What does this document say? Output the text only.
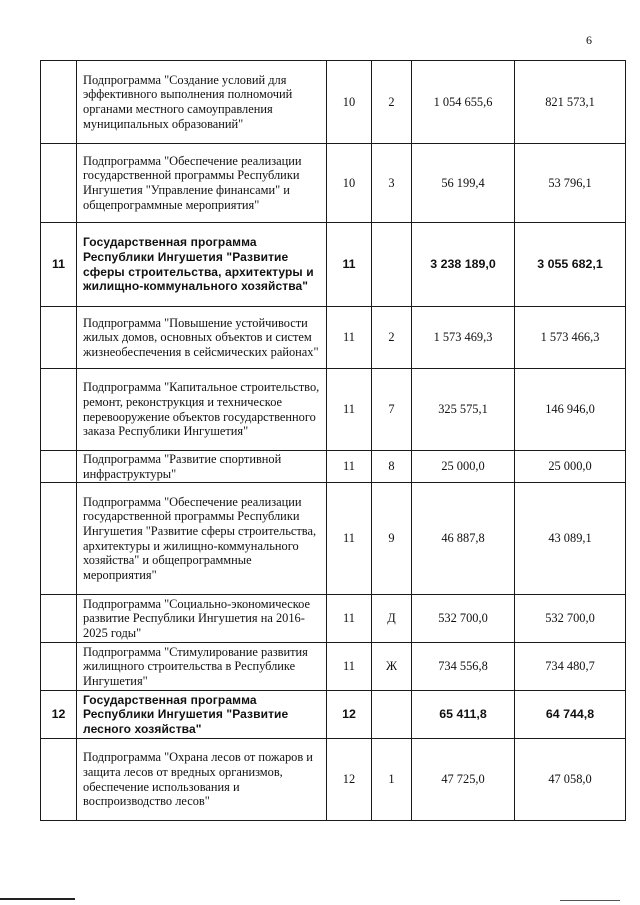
6
	Подпрограмма "Создание условий для эффективного выполнения полномочий органами местного самоуправления муниципальных образований"	10	2	1 054 655,6	821 573,1
	Подпрограмма "Обеспечение реализации государственной программы Республики Ингушетия "Управление финансами" и общепрограммные мероприятия"	10	3	56 199,4	53 796,1
11	Государственная программа Республики Ингушетия "Развитие сферы строительства, архитектуры и жилищно-коммунального хозяйства"	11		3 238 189,0	3 055 682,1
	Подпрограмма "Повышение устойчивости жилых домов, основных объектов и систем жизнеобеспечения в сейсмических районах"	11	2	1 573 469,3	1 573 466,3
	Подпрограмма "Капитальное строительство, ремонт, реконструкция и техническое перевооружение объектов государственного заказа Республики Ингушетия"	11	7	325 575,1	146 946,0
	Подпрограмма "Развитие спортивной инфраструктуры"	11	8	25 000,0	25 000,0
	Подпрограмма "Обеспечение реализации государственной программы Республики Ингушетия "Развитие сферы строительства, архитектуры и жилищно-коммунального хозяйства" и общепрограммные мероприятия"	11	9	46 887,8	43 089,1
	Подпрограмма "Социально-экономическое развитие Республики Ингушетия на 2016-2025 годы"	11	Д	532 700,0	532 700,0
	Подпрограмма "Стимулирование развития жилищного строительства в Республике Ингушетия"	11	Ж	734 556,8	734 480,7
12	Государственная программа Республики Ингушетия "Развитие лесного хозяйства"	12		65 411,8	64 744,8
	Подпрограмма "Охрана лесов от пожаров и защита лесов от вредных организмов, обеспечение использования и воспроизводство лесов"	12	1	47 725,0	47 058,0
